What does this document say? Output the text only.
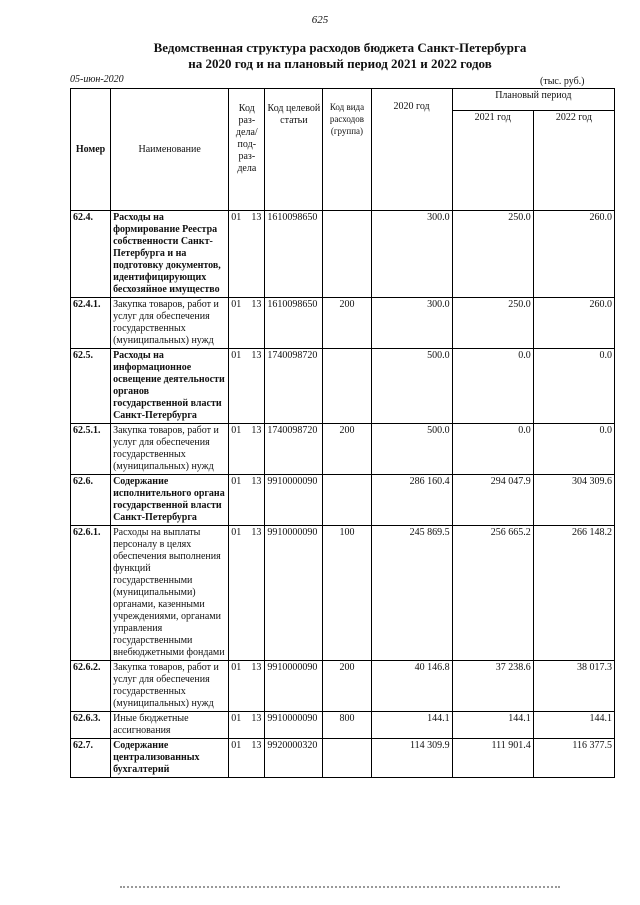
625
Ведомственная структура расходов бюджета Санкт-Петербурга
на 2020 год и на плановый период 2021 и 2022 годов
05-июн-2020	(тыс. руб.)
Номер	Наименование	Код раз-дела/ под-раз-дела	Код целевой статьи	Код вида расходов (группа)	2020 год	Плановый период	
						2021 год	2022 год
62.4.	Расходы на формирование Реестра собственности Санкт-Петербурга и на подготовку документов, идентифицирующих бесхозяйное имущество	01 13	1610098650		300.0	250.0	260.0
62.4.1.	Закупка товаров, работ и услуг для обеспечения государственных (муниципальных) нужд	01 13	1610098650	200	300.0	250.0	260.0
62.5.	Расходы на информационное освещение деятельности органов государственной власти Санкт-Петербурга	01 13	1740098720		500.0	0.0	0.0
62.5.1.	Закупка товаров, работ и услуг для обеспечения государственных (муниципальных) нужд	01 13	1740098720	200	500.0	0.0	0.0
62.6.	Содержание исполнительного органа государственной власти Санкт-Петербурга	01 13	9910000090		286 160.4	294 047.9	304 309.6
62.6.1.	Расходы на выплаты персоналу в целях обеспечения выполнения функций государственными (муниципальными) органами, казенными учреждениями, органами управления государственными внебюджетными фондами	01 13	9910000090	100	245 869.5	256 665.2	266 148.2
62.6.2.	Закупка товаров, работ и услуг для обеспечения государственных (муниципальных) нужд	01 13	9910000090	200	40 146.8	37 238.6	38 017.3
62.6.3.	Иные бюджетные ассигнования	01 13	9910000090	800	144.1	144.1	144.1
62.7.	Содержание централизованных бухгалтерий	01 13	9920000320		114 309.9	111 901.4	116 377.5
